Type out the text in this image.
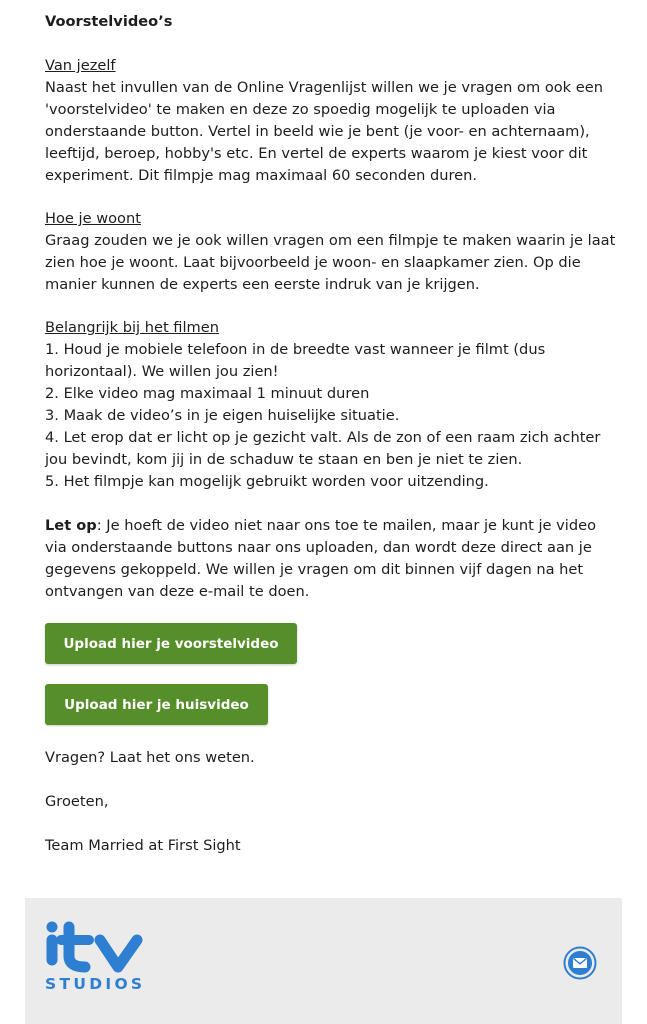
Voorstelvideo’s
Van jezelf
Naast het invullen van de Online Vragenlijst willen we je vragen om ook een
'voorstelvideo' te maken en deze zo spoedig mogelijk te uploaden via
onderstaande button. Vertel in beeld wie je bent (je voor- en achternaam),
leeftijd, beroep, hobby's etc. En vertel de experts waarom je kiest voor dit
experiment. Dit filmpje mag maximaal 60 seconden duren.
Hoe je woont
Graag zouden we je ook willen vragen om een filmpje te maken waarin je laat
zien hoe je woont. Laat bijvoorbeeld je woon- en slaapkamer zien. Op die
manier kunnen de experts een eerste indruk van je krijgen.
Belangrijk bij het filmen
1. Houd je mobiele telefoon in de breedte vast wanneer je filmt (dus
horizontaal). We willen jou zien!
2. Elke video mag maximaal 1 minuut duren
3. Maak de video’s in je eigen huiselijke situatie.
4. Let erop dat er licht op je gezicht valt. Als de zon of een raam zich achter
jou bevindt, kom jij in de schaduw te staan en ben je niet te zien.
5. Het filmpje kan mogelijk gebruikt worden voor uitzending.
Let op: Je hoeft de video niet naar ons toe te mailen, maar je kunt je video
via onderstaande buttons naar ons uploaden, dan wordt deze direct aan je
gegevens gekoppeld. We willen je vragen om dit binnen vijf dagen na het
ontvangen van deze e-mail te doen.
Vragen? Laat het ons weten.
Groeten,
Team Married at First Sight
Upload hier je voorstelvideo
Upload hier je huisvideo
STUDIOS
